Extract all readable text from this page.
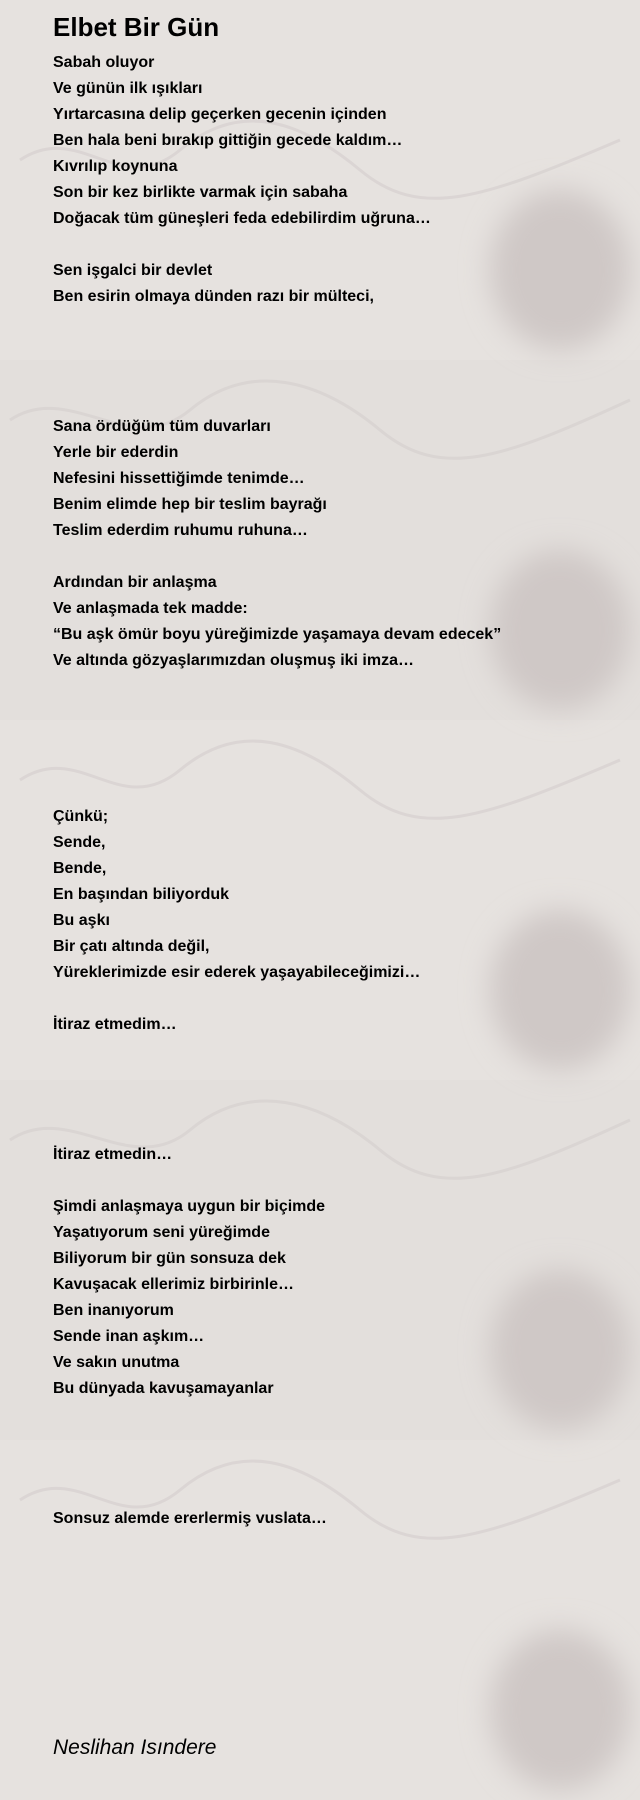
Elbet Bir Gün
Sabah oluyor
Ve günün ilk ışıkları
Yırtarcasına delip geçerken gecenin içinden
Ben hala beni bırakıp gittiğin gecede kaldım…
Kıvrılıp koynuna
Son bir kez birlikte varmak için sabaha
Doğacak tüm güneşleri feda edebilirdim uğruna…
Sen işgalci bir devlet
Ben esirin olmaya dünden razı bir mülteci,
Sana ördüğüm tüm duvarları
Yerle bir ederdin
Nefesini hissettiğimde tenimde…
Benim elimde hep bir teslim bayrağı
Teslim ederdim ruhumu ruhuna…
Ardından bir anlaşma
Ve anlaşmada tek madde:
“Bu aşk ömür boyu yüreğimizde yaşamaya devam edecek”
Ve altında gözyaşlarımızdan oluşmuş iki imza…
Çünkü;
Sende,
Bende,
En başından biliyorduk
Bu aşkı
Bir çatı altında değil,
Yüreklerimizde esir ederek yaşayabileceğimizi…
İtiraz etmedim…
İtiraz etmedin…
Şimdi anlaşmaya uygun bir biçimde
Yaşatıyorum seni yüreğimde
Biliyorum bir gün sonsuza dek
Kavuşacak ellerimiz birbirinle…
Ben inanıyorum
Sende inan aşkım…
Ve sakın unutma
Bu dünyada kavuşamayanlar
Sonsuz alemde ererlermiş vuslata…
Neslihan Isındere
